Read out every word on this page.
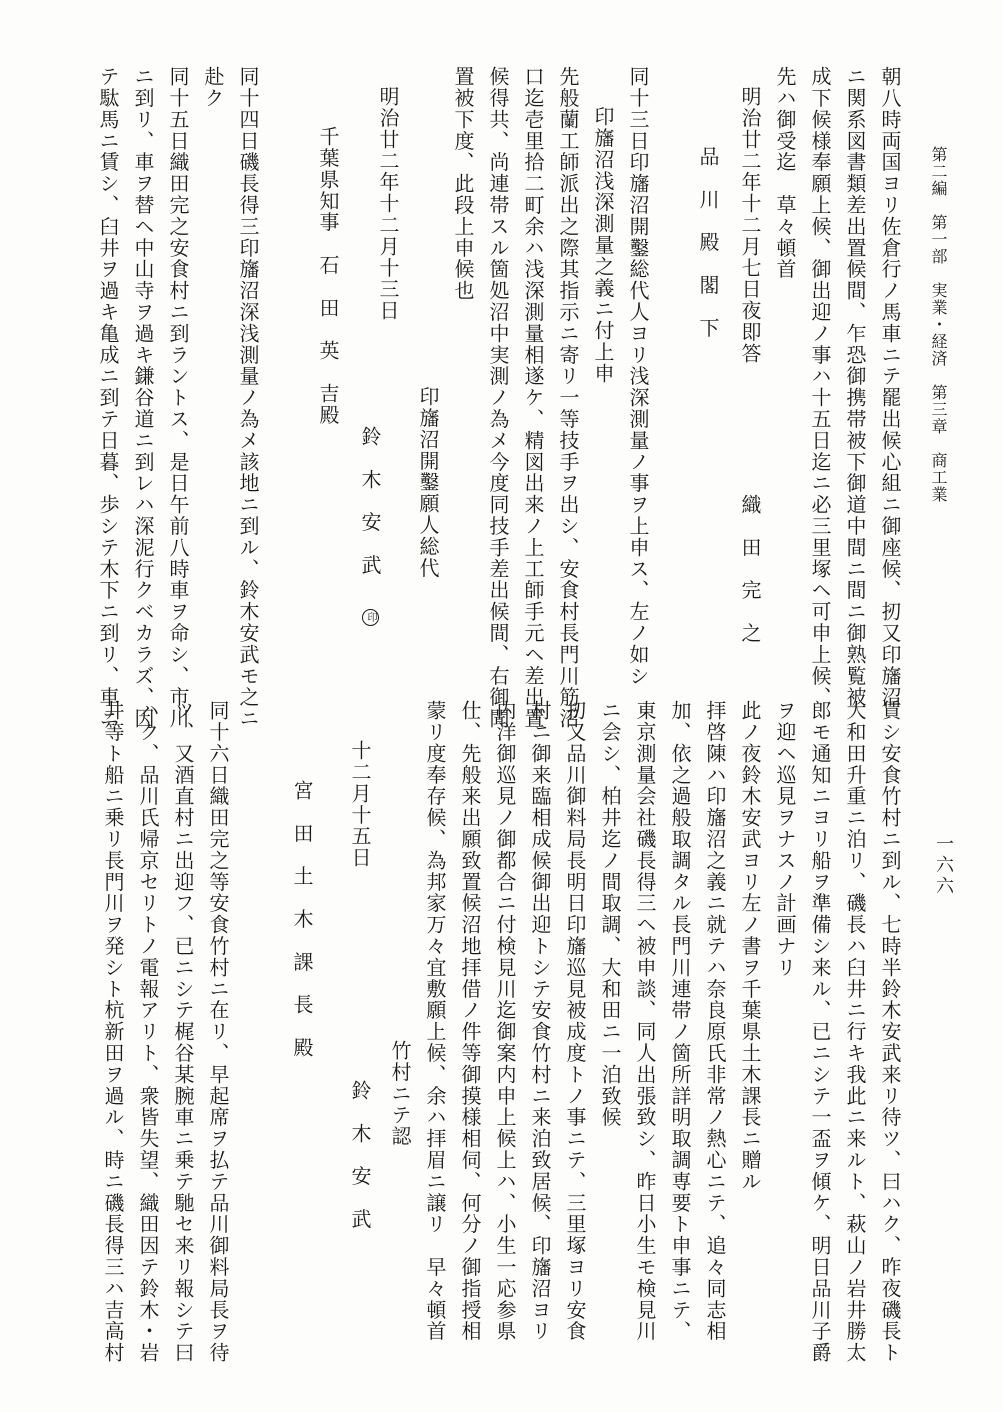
第二編　第一部　実業・経済　第三章　商工業
一六六
朝八時両国ヨリ佐倉行ノ馬車ニテ罷出候心組ニ御座候、扨又印旛沼
ニ関系図書類差出置候間、乍恐御携帯被下御道中間ニ間ニ御熟覧被
成下候様奉願上候、御出迎ノ事ハ十五日迄ニ必三里塚ヘ可申上候、
先ハ御受迄　草々頓首
明治廿二年十二月七日夜即答
織　田　完　之
品　川　殿　閣　下
同十三日印旛沼開鑿総代人ヨリ浅深測量ノ事ヲ上申ス、左ノ如シ
印旛沼浅深測量之義ニ付上申
先般蘭工師派出之際其指示ニ寄リ一等技手ヲ出シ、安食村長門川筋沼
口迄壱里拾二町余ハ浅深測量相遂ケ、精図出来ノ上工師手元ヘ差出置
候得共、尚連帯スル箇処沼中実測ノ為メ今度同技手差出候間、右御聞
置被下度、此段上申候也
印旛沼開鑿願人総代
明治廿二年十二月十三日
鈴　木　安　武 印
千葉県知事　石　田　英　吉殿
同十四日磯長得三印旛沼深浅測量ノ為メ該地ニ到ル、鈴木安武モ之ニ
赴ク
同十五日織田完之安食村ニ到ラントス、是日午前八時車ヲ命シ、市川
ニ到リ、車ヲ替ヘ中山寺ヲ過キ鎌谷道ニ到レハ深泥行クベカラズ、因
テ駄馬ニ賃シ、臼井ヲ過キ亀成ニ到テ日暮、歩シテ木下ニ到リ、車ニ
賃シ安食竹村ニ到ル、七時半鈴木安武来リ待ツ、曰ハク、昨夜磯長ト
大和田升重ニ泊リ、磯長ハ臼井ニ行キ我此ニ来ルト、萩山ノ岩井勝太
郎モ通知ニヨリ船ヲ準備シ来ル、已ニシテ一盃ヲ傾ケ、明日品川子爵
ヲ迎ヘ巡見ヲナスノ計画ナリ
此ノ夜鈴木安武ヨリ左ノ書ヲ千葉県土木課長ニ贈ル
拝啓陳ハ印旛沼之義ニ就テハ奈良原氏非常ノ熱心ニテ、追々同志相
加、依之過般取調タル長門川連帯ノ箇所詳明取調専要ト申事ニテ、
東京測量会社磯長得三ヘ被申談、同人出張致シ、昨日小生モ検見川
ニ会シ、柏井迄ノ間取調、大和田ニ一泊致候
扨又品川御料局長明日印旛巡見被成度トノ事ニテ、三里塚ヨリ安食
村ニ御来臨相成候御出迎トシテ安食竹村ニ来泊致居候、印旛沼ヨリ
内洋御巡見ノ御都合ニ付検見川迄御案内申上候上ハ、小生一応参県
仕、先般来出願致置候沼地拝借ノ件等御摸様相伺、何分ノ御指授相
蒙リ度奉存候、為邦家万々宜敷願上候、余ハ拝眉ニ譲リ　早々頓首
竹村ニテ認
十二月十五日
鈴　木　安　武
宮　田　土　木　課　長　殿
同十六日織田完之等安食竹村ニ在リ、早起席ヲ払テ品川御料局長ヲ待
ツ、又酒直村ニ出迎フ、已ニシテ梶谷某腕車ニ乗テ馳セ来リ報シテ曰
ハク、品川氏帰京セリトノ電報アリト、衆皆失望、織田因テ鈴木・岩
井等ト船ニ乗リ長門川ヲ発シト杭新田ヲ過ル、時ニ磯長得三ハ吉高村
